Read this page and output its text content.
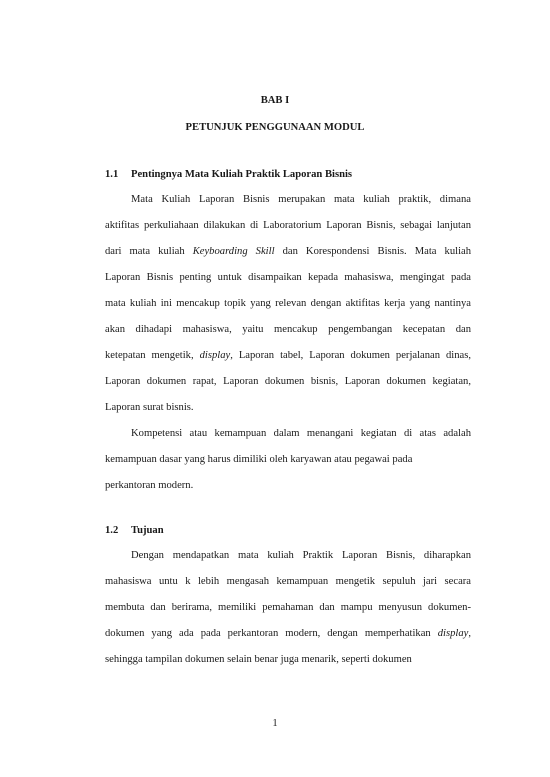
BAB I
PETUNJUK PENGGUNAAN MODUL
1.1 Pentingnya Mata Kuliah Praktik Laporan Bisnis
Mata Kuliah Laporan Bisnis merupakan mata kuliah praktik, dimana
aktifitas perkuliahaan dilakukan di Laboratorium Laporan Bisnis, sebagai lanjutan
dari mata kuliah Keyboarding Skill dan Korespondensi Bisnis. Mata kuliah
Laporan Bisnis penting untuk disampaikan kepada mahasiswa, mengingat pada
mata kuliah ini mencakup topik yang relevan dengan aktifitas kerja yang nantinya
akan dihadapi mahasiswa, yaitu mencakup pengembangan kecepatan dan
ketepatan mengetik, display, Laporan tabel, Laporan dokumen perjalanan dinas,
Laporan dokumen rapat, Laporan dokumen bisnis, Laporan dokumen kegiatan,
Laporan surat bisnis.
Kompetensi atau kemampuan dalam menangani kegiatan di atas adalah
kemampuan dasar yang harus dimiliki oleh karyawan atau pegawai pada
perkantoran modern.
1.2 Tujuan
Dengan mendapatkan mata kuliah Praktik Laporan Bisnis, diharapkan
mahasiswa untu k lebih mengasah kemampuan mengetik sepuluh jari secara
membuta dan berirama, memiliki pemahaman dan mampu menyusun dokumen-
dokumen yang ada pada perkantoran modern, dengan memperhatikan display,
sehingga tampilan dokumen selain benar juga menarik, seperti dokumen
1
